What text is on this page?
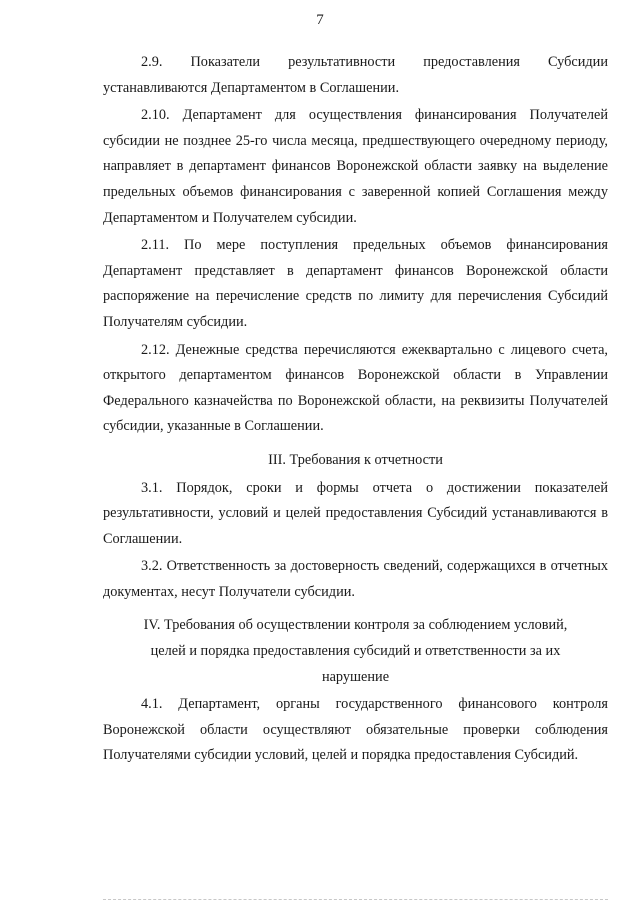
7

2.9. Показатели результативности предоставления Субсидии устанавливаются Департаментом в Соглашении.

2.10. Департамент для осуществления финансирования Получателей субсидии не позднее 25-го числа месяца, предшествующего очередному периоду, направляет в департамент финансов Воронежской области заявку на выделение предельных объемов финансирования с заверенной копией Соглашения между Департаментом и Получателем субсидии.

2.11. По мере поступления предельных объемов финансирования Департамент представляет в департамент финансов Воронежской области распоряжение на перечисление средств по лимиту для перечисления Субсидий Получателям субсидии.

2.12. Денежные средства перечисляются ежеквартально с лицевого счета, открытого департаментом финансов Воронежской области в Управлении Федерального казначейства по Воронежской области, на реквизиты Получателей субсидии, указанные в Соглашении.

III. Требования к отчетности

3.1. Порядок, сроки и формы отчета о достижении показателей результативности, условий и целей предоставления Субсидий устанавливаются в Соглашении.

3.2. Ответственность за достоверность сведений, содержащихся в отчетных документах, несут Получатели субсидии.

IV. Требования об осуществлении контроля за соблюдением условий,

целей и порядка предоставления субсидий и ответственности за их

нарушение

4.1. Департамент, органы государственного финансового контроля Воронежской области осуществляют обязательные проверки соблюдения Получателями субсидии условий, целей и порядка предоставления Субсидий.
